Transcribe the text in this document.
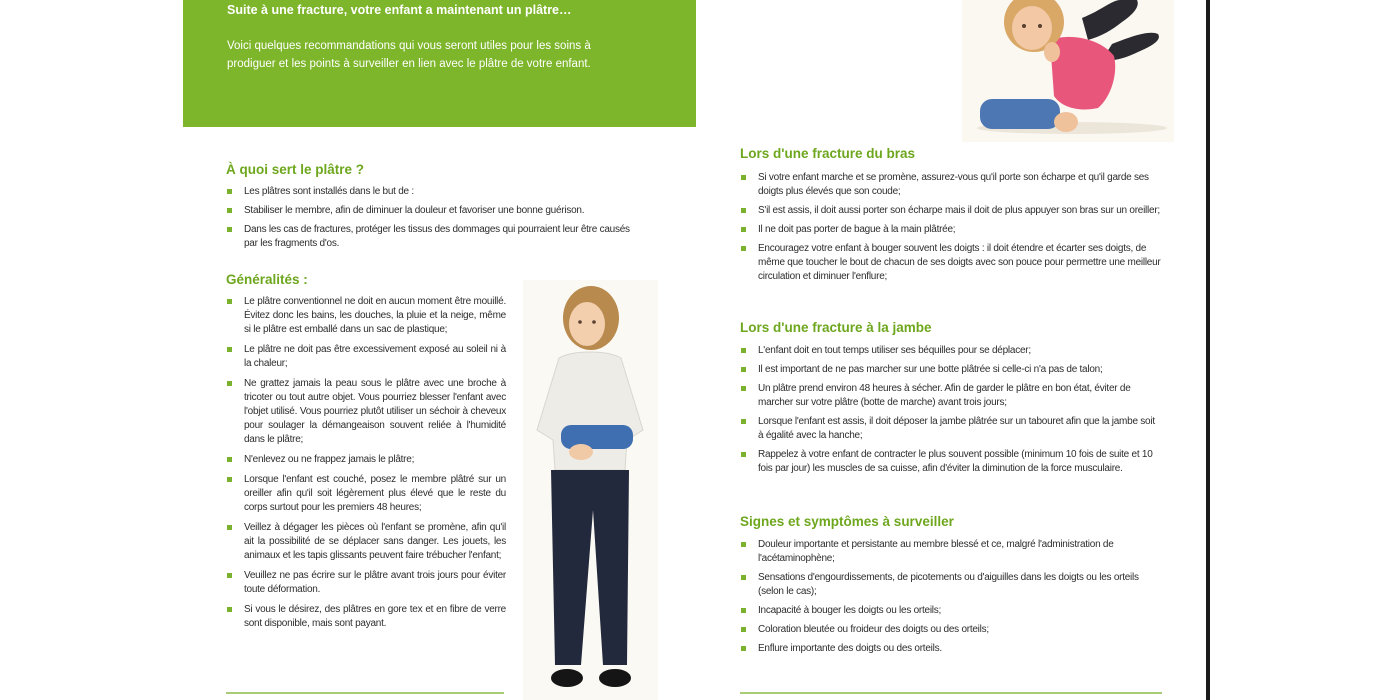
Suite à une fracture, votre enfant a maintenant un plâtre…
Voici quelques recommandations qui vous seront utiles pour les soins à prodiguer et les points à surveiller en lien avec le plâtre de votre enfant.
À quoi sert le plâtre ?
Les plâtres sont installés dans le but de :
Stabiliser le membre, afin de diminuer la douleur et favoriser une bonne guérison.
Dans les cas de fractures, protéger les tissus des dommages qui pourraient leur être causés par les fragments d'os.
Généralités :
Le plâtre conventionnel ne doit en aucun moment être mouillé. Évitez donc les bains, les douches, la pluie et la neige, même si le plâtre est emballé dans un sac de plastique;
Le plâtre ne doit pas être excessivement exposé au soleil ni à la chaleur;
Ne grattez jamais la peau sous le plâtre avec une broche à tricoter ou tout autre objet. Vous pourriez blesser l'enfant avec l'objet utilisé. Vous pourriez plutôt utiliser un séchoir à cheveux pour soulager la démangeaison souvent reliée à l'humidité dans le plâtre;
N'enlevez ou ne frappez jamais le plâtre;
Lorsque l'enfant est couché, posez le membre plâtré sur un oreiller afin qu'il soit légèrement plus élevé que le reste du corps surtout pour les premiers 48 heures;
Veillez à dégager les pièces où l'enfant se promène, afin qu'il ait la possibilité de se déplacer sans danger. Les jouets, les animaux et les tapis glissants peuvent faire trébucher l'enfant;
Veuillez ne pas écrire sur le plâtre avant trois jours pour éviter toute déformation.
Si vous le désirez, des plâtres en gore tex et en fibre de verre sont disponible, mais sont payant.
Lors d'une fracture du bras
Si votre enfant marche et se promène, assurez-vous qu'il porte son écharpe et qu'il garde ses doigts plus élevés que son coude;
S'il est assis, il doit aussi porter son écharpe mais il doit de plus appuyer son bras sur un oreiller;
Il ne doit pas porter de bague à la main plâtrée;
Encouragez votre enfant à bouger souvent les doigts : il doit étendre et écarter ses doigts, de même que toucher le bout de chacun de ses doigts avec son pouce pour permettre une meilleur circulation et diminuer l'enflure;
Lors d'une fracture à la jambe
L'enfant doit en tout temps utiliser ses béquilles pour se déplacer;
Il est important de ne pas marcher sur une botte plâtrée si celle-ci n'a pas de talon;
Un plâtre prend environ 48 heures à sécher. Afin de garder le plâtre en bon état, éviter de marcher sur votre plâtre (botte de marche) avant trois jours;
Lorsque l'enfant est assis, il doit déposer la jambe plâtrée sur un tabouret afin que la jambe soit à égalité avec la hanche;
Rappelez à votre enfant de contracter le plus souvent possible (minimum 10 fois de suite et 10 fois par jour) les muscles de sa cuisse, afin d'éviter la diminution de la force musculaire.
Signes et symptômes à surveiller
Douleur importante et persistante au membre blessé et ce, malgré l'administration de l'acétaminophène;
Sensations d'engourdissements, de picotements ou d'aiguilles dans les doigts ou les orteils (selon le cas);
Incapacité à bouger les doigts ou les orteils;
Coloration bleutée ou froideur des doigts ou des orteils;
Enflure importante des doigts ou des orteils.
